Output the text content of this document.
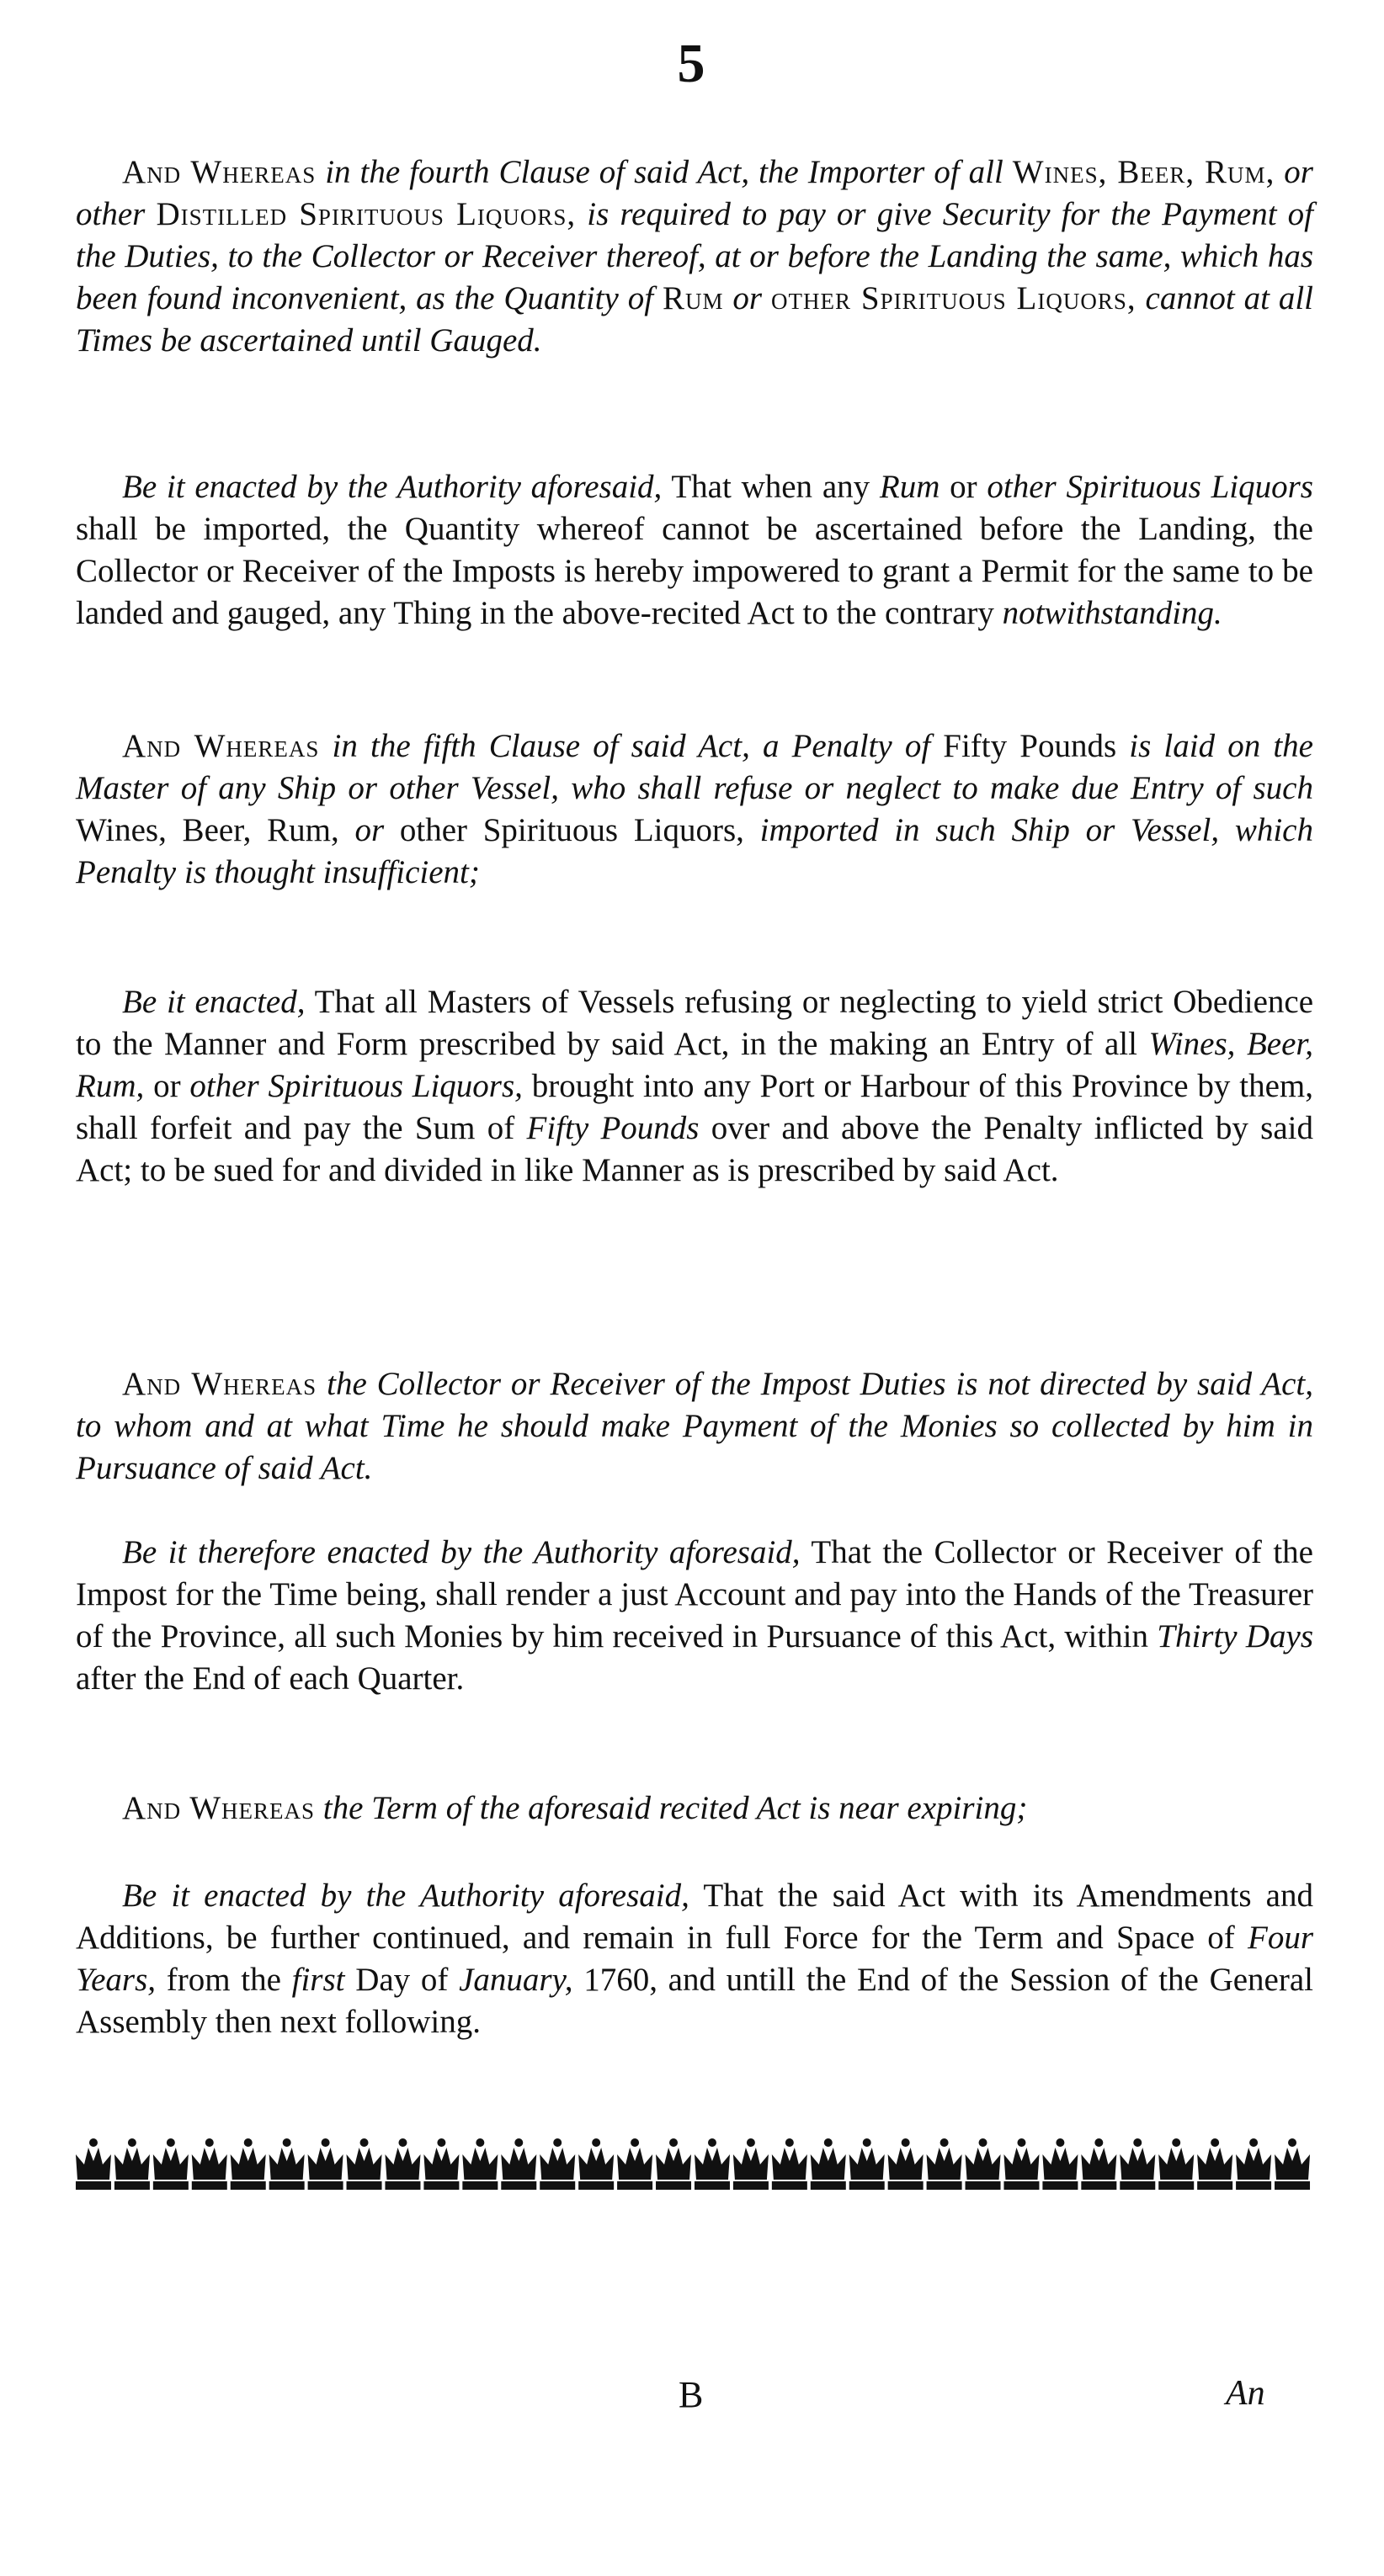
5
And Whereas in the fourth Clause of said Act, the Importer of all Wines, Beer, Rum, or other Distilled Spirituous Liquors, is required to pay or give Security for the Payment of the Duties, to the Collector or Receiver thereof, at or before the Landing the same, which has been found inconvenient, as the Quantity of Rum or other Spirituous Liquors, cannot at all Times be ascertained until Gauged.
Be it enacted by the Authority aforesaid, That when any Rum or other Spirituous Liquors shall be imported, the Quantity whereof cannot be ascertained before the Landing, the Collector or Receiver of the Imposts is hereby impowered to grant a Permit for the same to be landed and gauged, any Thing in the above-recited Act to the contrary notwithstanding.
And Whereas in the fifth Clause of said Act, a Penalty of Fifty Pounds is laid on the Master of any Ship or other Vessel, who shall refuse or neglect to make due Entry of such Wines, Beer, Rum, or other Spirituous Liquors, imported in such Ship or Vessel, which Penalty is thought insufficient;
Be it enacted, That all Masters of Vessels refusing or neglecting to yield strict Obedience to the Manner and Form prescribed by said Act, in the making an Entry of all Wines, Beer, Rum, or other Spirituous Liquors, brought into any Port or Harbour of this Province by them, shall forfeit and pay the Sum of Fifty Pounds over and above the Penalty inflicted by said Act; to be sued for and divided in like Manner as is prescribed by said Act.
And Whereas the Collector or Receiver of the Impost Duties is not directed by said Act, to whom and at what Time he should make Payment of the Monies so collected by him in Pursuance of said Act.
Be it therefore enacted by the Authority aforesaid, That the Collector or Receiver of the Impost for the Time being, shall render a just Account and pay into the Hands of the Treasurer of the Province, all such Monies by him received in Pursuance of this Act, within Thirty Days after the End of each Quarter.
And Whereas the Term of the aforesaid recited Act is near expiring;
Be it enacted by the Authority aforesaid, That the said Act with its Amendments and Additions, be further continued, and remain in full Force for the Term and Space of Four Years, from the first Day of January, 1760, and untill the End of the Session of the General Assembly then next following.
B	An
